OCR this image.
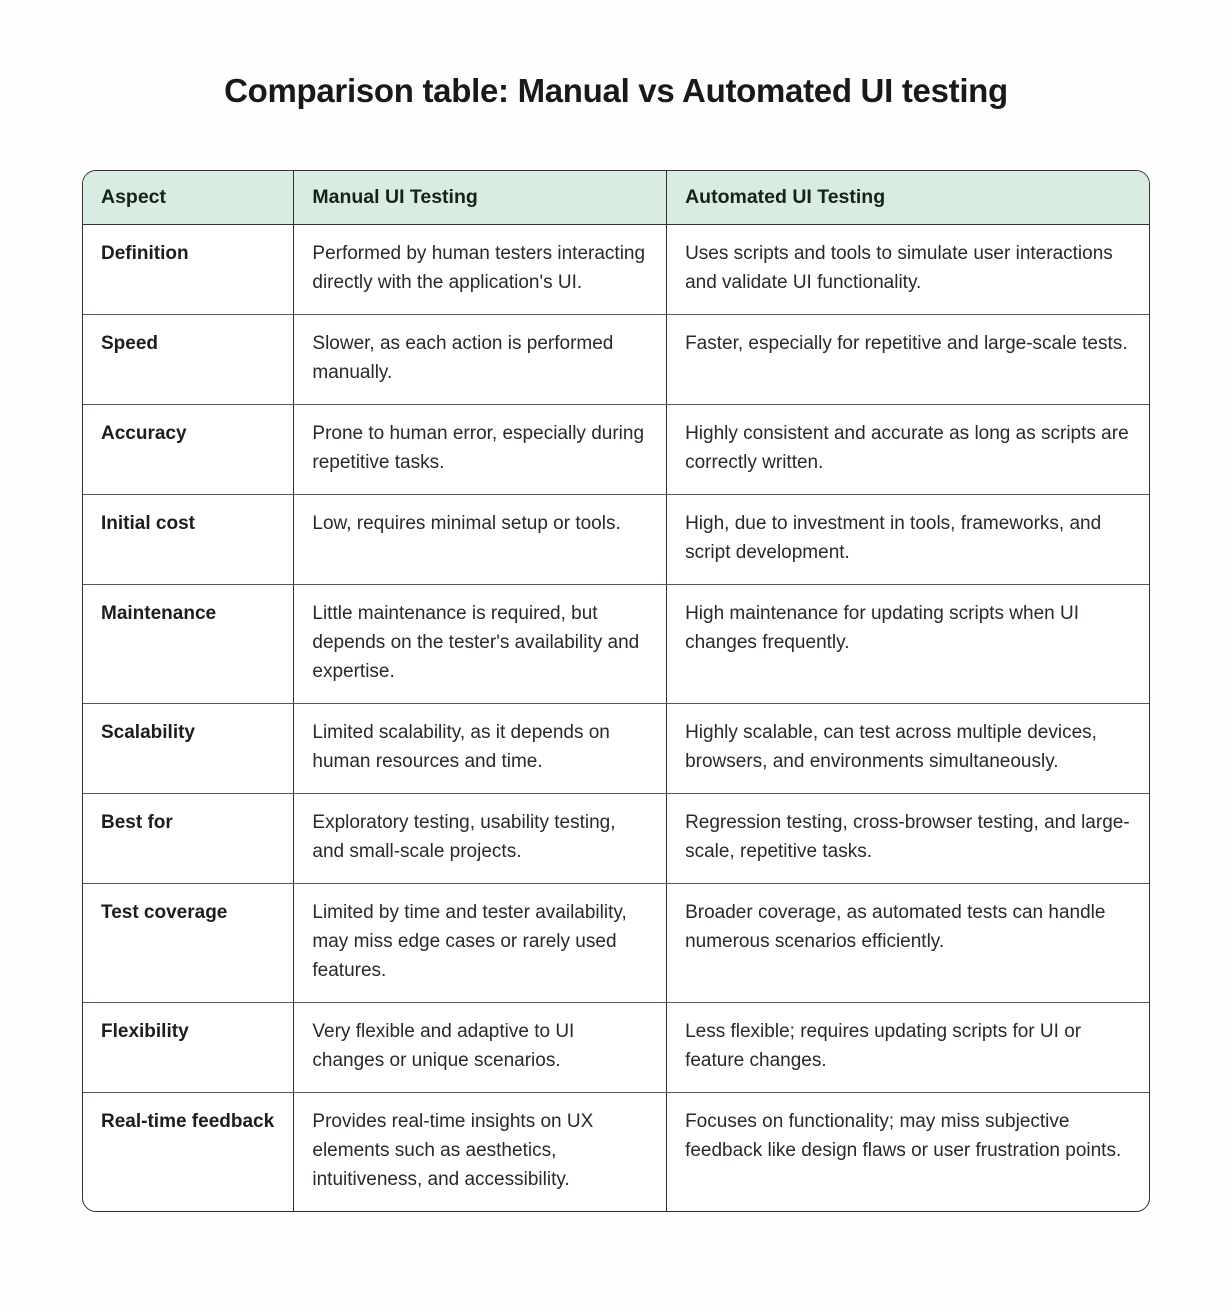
Comparison table: Manual vs Automated UI testing
Aspect	Manual UI Testing	Automated UI Testing
Definition	Performed by human testers interacting directly with the application's UI.	Uses scripts and tools to simulate user interactions and validate UI functionality.
Speed	Slower, as each action is performed manually.	Faster, especially for repetitive and large-scale tests.
Accuracy	Prone to human error, especially during repetitive tasks.	Highly consistent and accurate as long as scripts are correctly written.
Initial cost	Low, requires minimal setup or tools.	High, due to investment in tools, frameworks, and script development.
Maintenance	Little maintenance is required, but depends on the tester's availability and expertise.	High maintenance for updating scripts when UI changes frequently.
Scalability	Limited scalability, as it depends on human resources and time.	Highly scalable, can test across multiple devices, browsers, and environments simultaneously.
Best for	Exploratory testing, usability testing, and small-scale projects.	Regression testing, cross-browser testing, and large-scale, repetitive tasks.
Test coverage	Limited by time and tester availability, may miss edge cases or rarely used features.	Broader coverage, as automated tests can handle numerous scenarios efficiently.
Flexibility	Very flexible and adaptive to UI changes or unique scenarios.	Less flexible; requires updating scripts for UI or feature changes.
Real-time feedback	Provides real-time insights on UX elements such as aesthetics, intuitiveness, and accessibility.	Focuses on functionality; may miss subjective feedback like design flaws or user frustration points.
